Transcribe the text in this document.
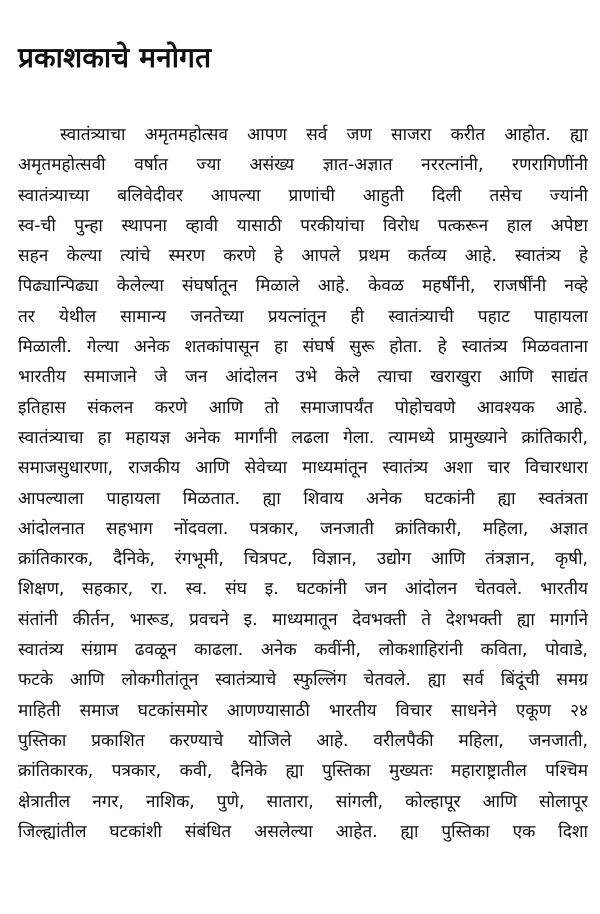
प्रकाशकाचे मनोगत
स्वातंत्र्याचा अमृतमहोत्सव आपण सर्व जण साजरा करीत आहोत. ह्या
अमृतमहोत्सवी वर्षात ज्या असंख्य ज्ञात-अज्ञात नररत्नांनी, रणरागिणींनी
स्वातंत्र्याच्या बलिवेदीवर आपल्या प्राणांची आहुती दिली तसेच ज्यांनी
स्व-ची पुन्हा स्थापना व्हावी यासाठी परकीयांचा विरोध पत्करून हाल अपेष्टा
सहन केल्या त्यांचे स्मरण करणे हे आपले प्रथम कर्तव्य आहे. स्वातंत्र्य हे
पिढ्यान्पिढ्या केलेल्या संघर्षातून मिळाले आहे. केवळ महर्षींनी, राजर्षींनी नव्हे
तर येथील सामान्य जनतेच्या प्रयत्नांतून ही स्वातंत्र्याची पहाट पाहायला
मिळाली. गेल्या अनेक शतकांपासून हा संघर्ष सुरू होता. हे स्वातंत्र्य मिळवताना
भारतीय समाजाने जे जन आंदोलन उभे केले त्याचा खराखुरा आणि साद्यंत
इतिहास संकलन करणे आणि तो समाजापर्यंत पोहोचवणे आवश्यक आहे.
स्वातंत्र्याचा हा महायज्ञ अनेक मार्गांनी लढला गेला. त्यामध्ये प्रामुख्याने क्रांतिकारी,
समाजसुधारणा, राजकीय आणि सेवेच्या माध्यमांतून स्वातंत्र्य अशा चार विचारधारा
आपल्याला पाहायला मिळतात. ह्या शिवाय अनेक घटकांनी ह्या स्वतंत्रता
आंदोलनात सहभाग नोंदवला. पत्रकार, जनजाती क्रांतिकारी, महिला, अज्ञात
क्रांतिकारक, दैनिके, रंगभूमी, चित्रपट, विज्ञान, उद्योग आणि तंत्रज्ञान, कृषी,
शिक्षण, सहकार, रा. स्व. संघ इ. घटकांनी जन आंदोलन चेतवले. भारतीय
संतांनी कीर्तन, भारूड, प्रवचने इ. माध्यमातून देवभक्ती ते देशभक्ती ह्या मार्गाने
स्वातंत्र्य संग्राम ढवळून काढला. अनेक कवींनी, लोकशाहिरांनी कविता, पोवाडे,
फटके आणि लोकगीतांतून स्वातंत्र्याचे स्फुल्लिंग चेतवले. ह्या सर्व बिंदूंची समग्र
माहिती समाज घटकांसमोर आणण्यासाठी भारतीय विचार साधनेने एकूण २४
पुस्तिका प्रकाशित करण्याचे योजिले आहे. वरीलपैकी महिला, जनजाती,
क्रांतिकारक, पत्रकार, कवी, दैनिके ह्या पुस्तिका मुख्यतः महाराष्ट्रातील पश्चिम
क्षेत्रातील नगर, नाशिक, पुणे, सातारा, सांगली, कोल्हापूर आणि सोलापूर
जिल्ह्यांतील घटकांशी संबंधित असलेल्या आहेत. ह्या पुस्तिका एक दिशा
